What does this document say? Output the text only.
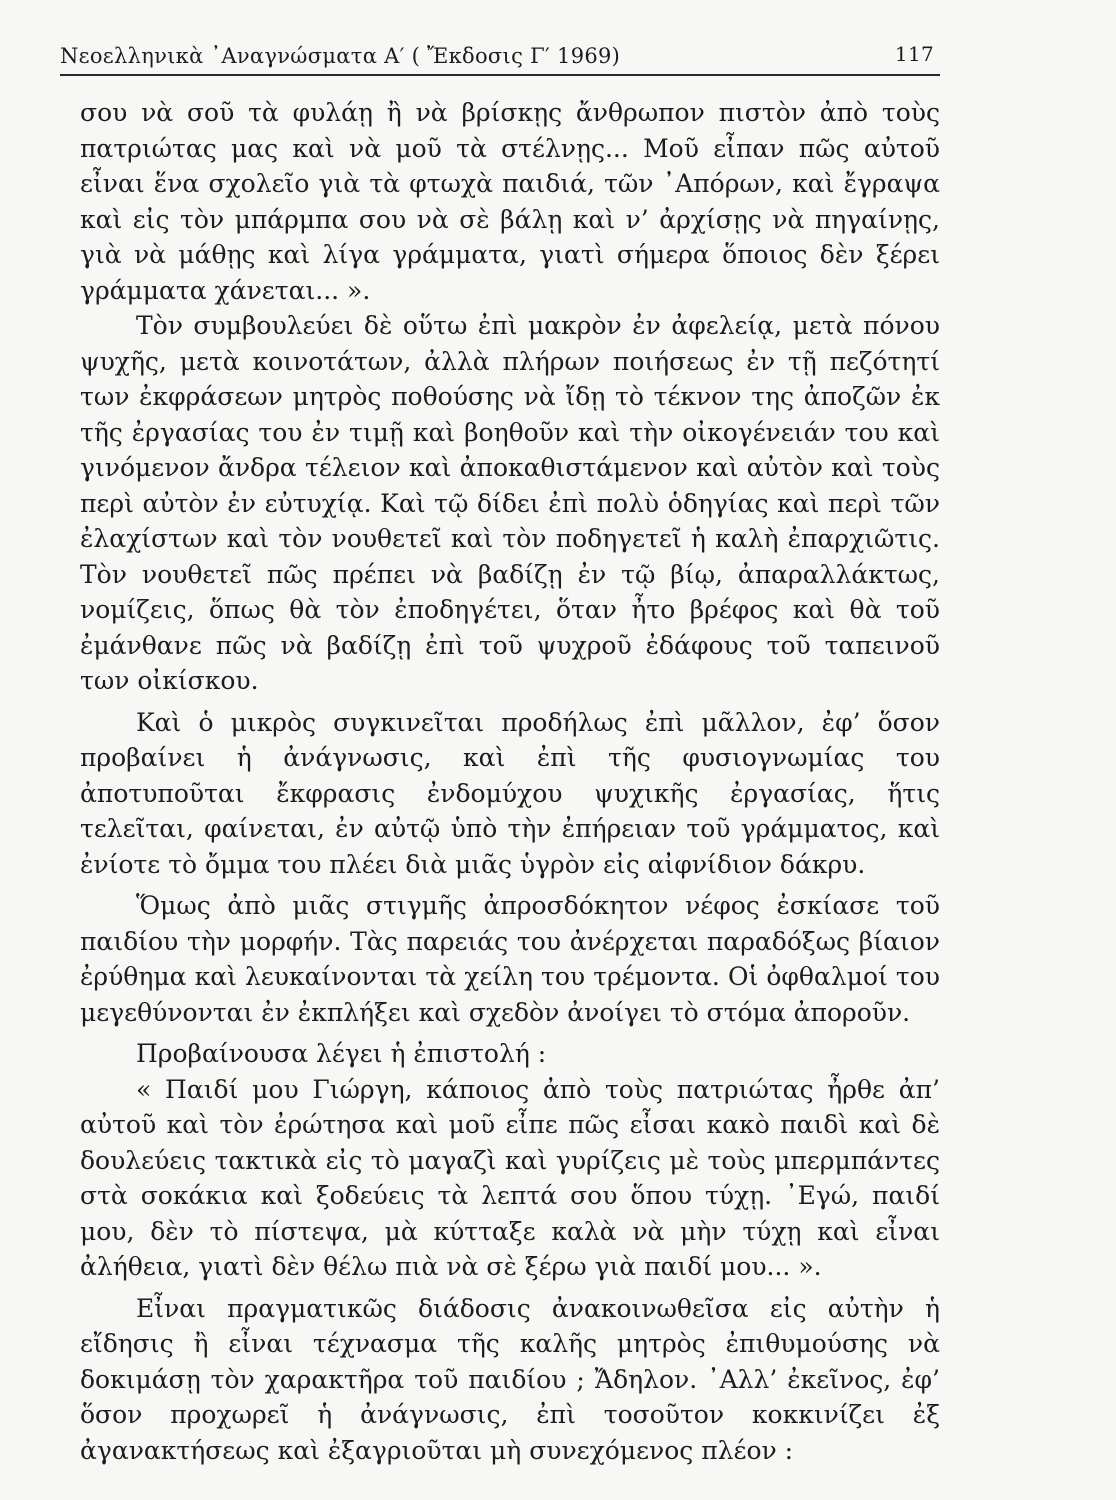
Νεοελληνικὰ ᾿Αναγνώσματα Α′ ( Ἔκδοσις Γ′ 1969)	117

σου νὰ σοῦ τὰ φυλάῃ ἢ νὰ βρίσκῃς ἄνθρωπον πιστὸν ἀπὸ τοὺς πατριώτας μας καὶ νὰ μοῦ τὰ στέλνῃς... Μοῦ εἶπαν πῶς αὐτοῦ εἶναι ἕνα σχολεῖο γιὰ τὰ φτωχὰ παιδιά, τῶν ᾿Απόρων, καὶ ἔγραψα καὶ εἰς τὸν μπάρμπα σου νὰ σὲ βάλῃ καὶ ν’ ἀρχίσῃς νὰ πηγαίνῃς, γιὰ νὰ μάθῃς καὶ λίγα γράμματα, γιατὶ σήμερα ὅποιος δὲν ξέρει γράμματα χάνεται... ».

Τὸν συμβουλεύει δὲ οὕτω ἐπὶ μακρὸν ἐν ἀφελείᾳ, μετὰ πόνου ψυχῆς, μετὰ κοινοτάτων, ἀλλὰ πλήρων ποιήσεως ἐν τῇ πεζότητί των ἐκφράσεων μητρὸς ποθούσης νὰ ἴδῃ τὸ τέκνον της ἀποζῶν ἐκ τῆς ἐργασίας του ἐν τιμῇ καὶ βοηθοῦν καὶ τὴν οἰκογένειάν του καὶ γινόμενον ἄνδρα τέλειον καὶ ἀποκαθιστάμενον καὶ αὐτὸν καὶ τοὺς περὶ αὐτὸν ἐν εὐτυχίᾳ. Καὶ τῷ δίδει ἐπὶ πολὺ ὁδηγίας καὶ περὶ τῶν ἐλαχίστων καὶ τὸν νουθετεῖ καὶ τὸν ποδηγετεῖ ἡ καλὴ ἐπαρχιῶτις. Τὸν νουθετεῖ πῶς πρέπει νὰ βαδίζῃ ἐν τῷ βίῳ, ἀπαραλλάκτως, νομίζεις, ὅπως θὰ τὸν ἐποδηγέτει, ὅταν ἦτο βρέφος καὶ θὰ τοῦ ἐμάνθανε πῶς νὰ βαδίζῃ ἐπὶ τοῦ ψυχροῦ ἐδάφους τοῦ ταπεινοῦ των οἰκίσκου.

Καὶ ὁ μικρὸς συγκινεῖται προδήλως ἐπὶ μᾶλλον, ἐφ’ ὅσον προβαίνει ἡ ἀνάγνωσις, καὶ ἐπὶ τῆς φυσιογνωμίας του ἀποτυποῦται ἔκφρασις ἐνδομύχου ψυχικῆς ἐργασίας, ἥτις τελεῖται, φαίνεται, ἐν αὐτῷ ὑπὸ τὴν ἐπήρειαν τοῦ γράμματος, καὶ ἐνίοτε τὸ ὄμμα του πλέει διὰ μιᾶς ὑγρὸν εἰς αἰφνίδιον δάκρυ.

Ὅμως ἀπὸ μιᾶς στιγμῆς ἀπροσδόκητον νέφος ἐσκίασε τοῦ παιδίου τὴν μορφήν. Τὰς παρειάς του ἀνέρχεται παραδόξως βίαιον ἐρύθημα καὶ λευκαίνονται τὰ χείλη του τρέμοντα. Οἱ ὀφθαλμοί του μεγεθύνονται ἐν ἐκπλήξει καὶ σχεδὸν ἀνοίγει τὸ στόμα ἀποροῦν.

Προβαίνουσα λέγει ἡ ἐπιστολή :

« Παιδί μου Γιώργη, κάποιος ἀπὸ τοὺς πατριώτας ἦρθε ἀπ’ αὐτοῦ καὶ τὸν ἐρώτησα καὶ μοῦ εἶπε πῶς εἶσαι κακὸ παιδὶ καὶ δὲ δουλεύεις τακτικὰ εἰς τὸ μαγαζὶ καὶ γυρίζεις μὲ τοὺς μπερμπάντες στὰ σοκάκια καὶ ξοδεύεις τὰ λεπτά σου ὅπου τύχῃ. ᾿Εγώ, παιδί μου, δὲν τὸ πίστεψα, μὰ κύτταξε καλὰ νὰ μὴν τύχῃ καὶ εἶναι ἀλήθεια, γιατὶ δὲν θέλω πιὰ νὰ σὲ ξέρω γιὰ παιδί μου... ».

Εἶναι πραγματικῶς διάδοσις ἀνακοινωθεῖσα εἰς αὐτὴν ἡ εἴδησις ἢ εἶναι τέχνασμα τῆς καλῆς μητρὸς ἐπιθυμούσης νὰ δοκιμάσῃ τὸν χαρακτῆρα τοῦ παιδίου ; Ἄδηλον. ᾿Αλλ’ ἐκεῖνος, ἐφ’ ὅσον προχωρεῖ ἡ ἀνάγνωσις, ἐπὶ τοσοῦτον κοκκινίζει ἐξ ἀγανακτήσεως καὶ ἐξαγριοῦται μὴ συνεχόμενος πλέον :
